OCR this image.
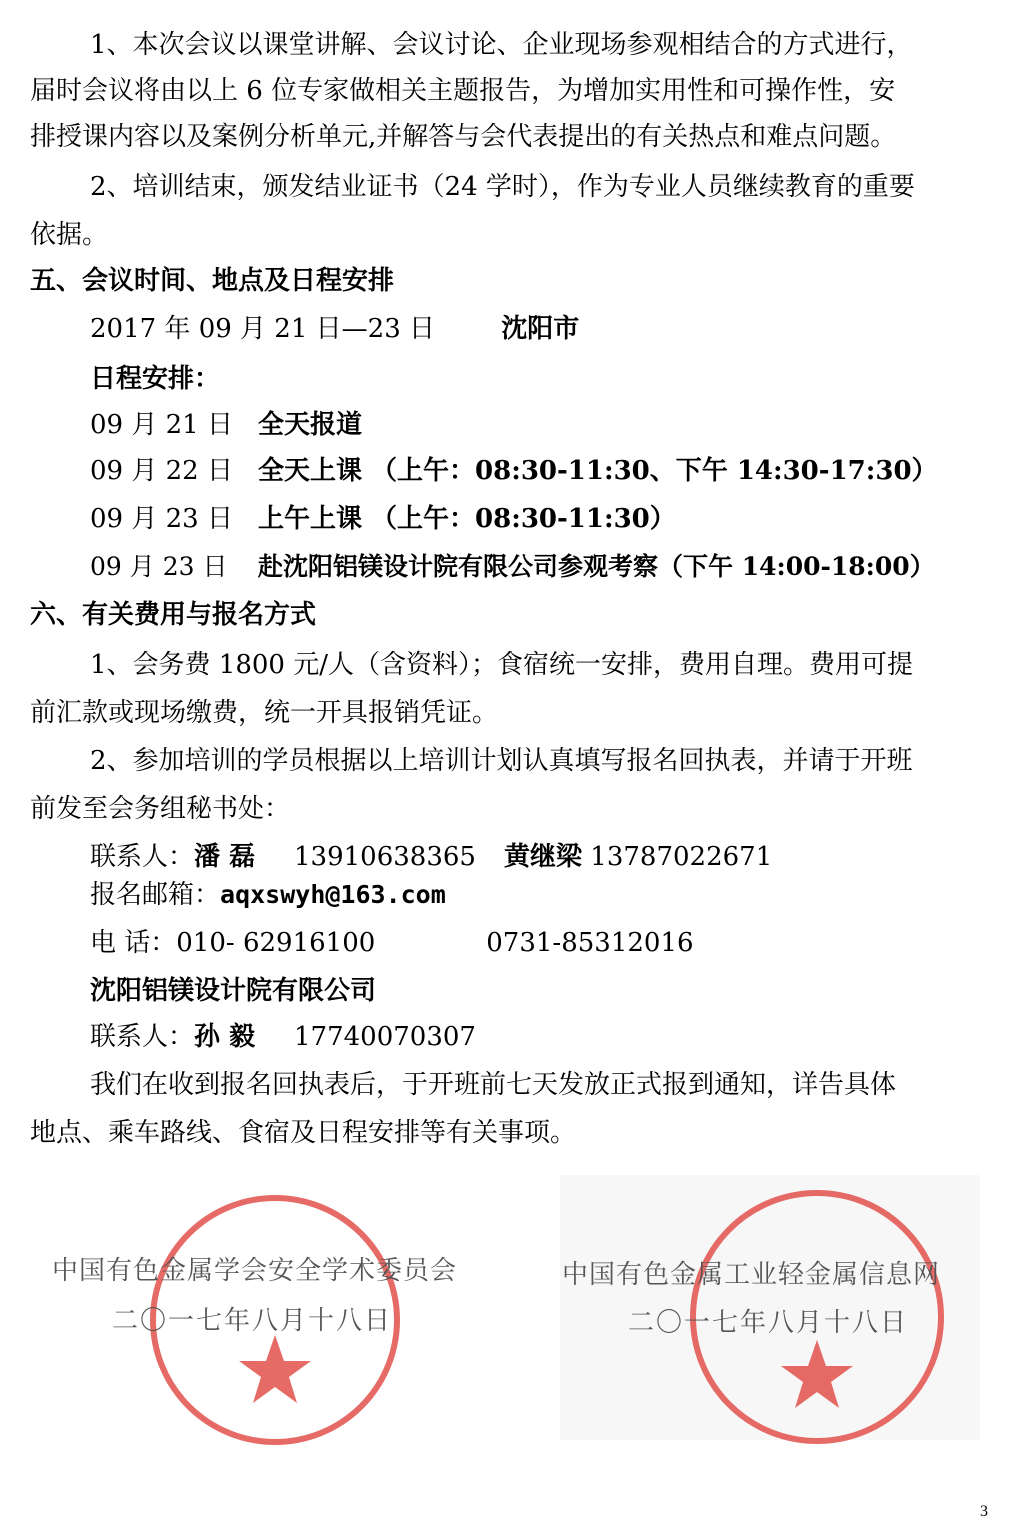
1、本次会议以课堂讲解、会议讨论、企业现场参观相结合的方式进行，
届时会议将由以上 6 位专家做相关主题报告，为增加实用性和可操作性，安
排授课内容以及案例分析单元,并解答与会代表提出的有关热点和难点问题。
2、培训结束，颁发结业证书（24 学时），作为专业人员继续教育的重要
依据。
五、会议时间、地点及日程安排
2017 年 09 月 21 日—23 日	沈阳市
日程安排：
09 月 21 日 全天报道
09 月 22 日 全天上课 （上午：08:30-11:30、下午 14:30-17:30）
09 月 23 日 上午上课 （上午：08:30-11:30）
09 月 23 日 赴沈阳铝镁设计院有限公司参观考察（下午 14:00-18:00）
六、有关费用与报名方式
1、会务费 1800 元/人（含资料）；食宿统一安排，费用自理。费用可提
前汇款或现场缴费，统一开具报销凭证。
2、参加培训的学员根据以上培训计划认真填写报名回执表，并请于开班
前发至会务组秘书处：
联系人：潘 磊 13910638365 黄继梁 13787022671
报名邮箱：aqxswyh@163.com
电 话：010- 62916100	0731-85312016
沈阳铝镁设计院有限公司
联系人：孙 毅 17740070307
我们在收到报名回执表后，于开班前七天发放正式报到通知，详告具体
地点、乘车路线、食宿及日程安排等有关事项。
中国有色金属学会安全学术委员会
二〇一七年八月十八日
中国有色金属工业轻金属信息网
二〇一七年八月十八日
3
